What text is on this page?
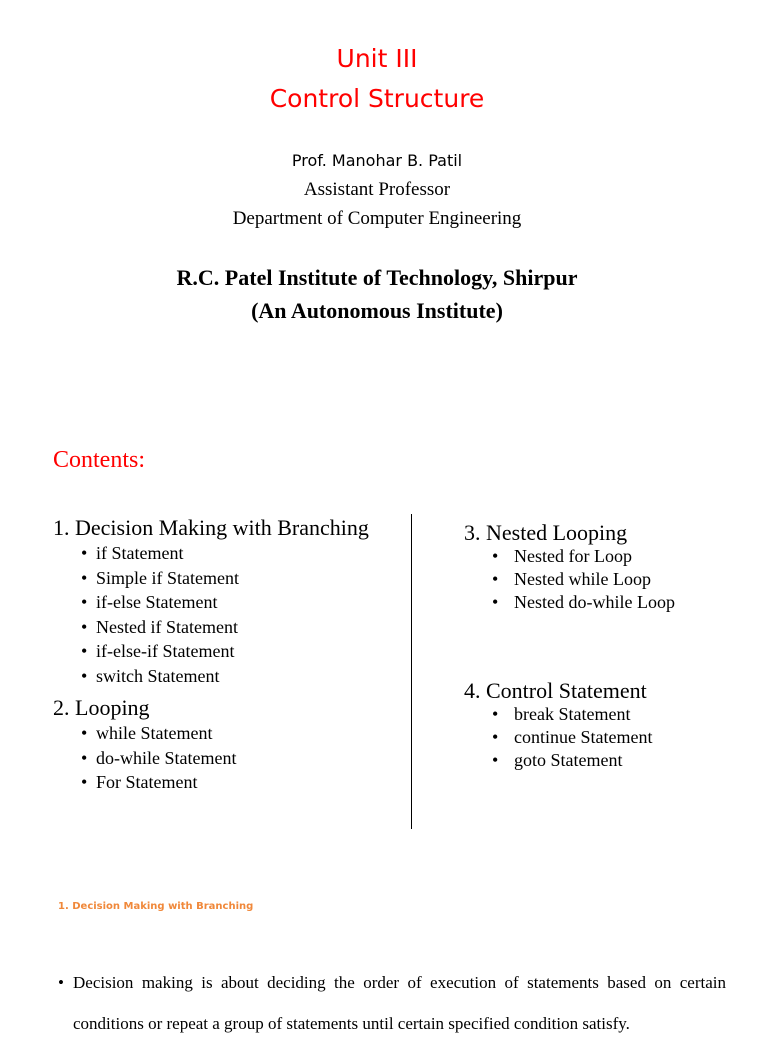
Unit III
Control Structure
Prof. Manohar B. Patil
Assistant Professor
Department of Computer Engineering
R.C. Patel Institute of Technology, Shirpur
(An Autonomous Institute)
Contents:
1. Decision Making with Branching
• if Statement
• Simple if Statement
• if-else Statement
• Nested if Statement
• if-else-if Statement
• switch Statement
2. Looping
• while Statement
• do-while Statement
• For Statement
3. Nested Looping
• Nested for Loop
• Nested while Loop
• Nested do-while Loop
4. Control Statement
• break Statement
• continue Statement
• goto Statement
1. Decision Making with Branching
• Decision making is about deciding the order of execution of statements based on certain conditions or repeat a group of statements until certain specified condition satisfy.
